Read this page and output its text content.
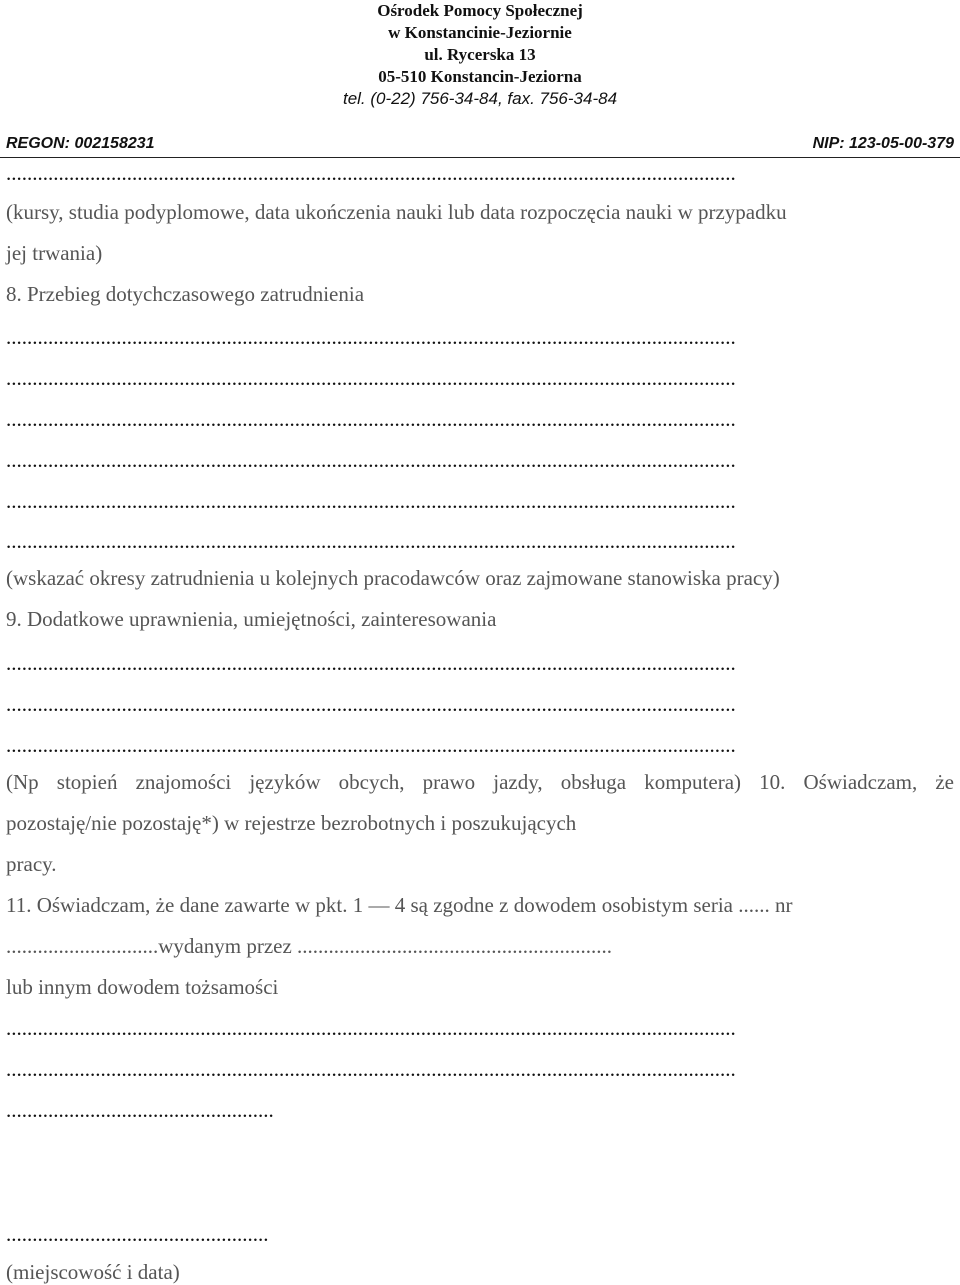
Ośrodek Pomocy Społecznej
w Konstancinie-Jeziornie
ul. Rycerska 13
05-510 Konstancin-Jeziorna
tel. (0-22) 756-34-84, fax. 756-34-84
REGON: 002158231	NIP: 123-05-00-379
...........................................................................................................................................
(kursy, studia podyplomowe, data ukończenia nauki lub data rozpoczęcia nauki w przypadku
jej trwania)
8. Przebieg dotychczasowego zatrudnienia
...........................................................................................................................................
...........................................................................................................................................
...........................................................................................................................................
...........................................................................................................................................
...........................................................................................................................................
...........................................................................................................................................
(wskazać okresy zatrudnienia u kolejnych pracodawców oraz zajmowane stanowiska pracy)
9. Dodatkowe uprawnienia, umiejętności, zainteresowania
...........................................................................................................................................
...........................................................................................................................................
...........................................................................................................................................
(Np stopień znajomości języków obcych, prawo jazdy, obsługa komputera) 10. Oświadczam, że
pozostaję/nie pozostaję*) w rejestrze bezrobotnych i poszukujących
pracy.
11. Oświadczam, że dane zawarte w pkt. 1 — 4 są zgodne z dowodem osobistym seria ...... nr
.............................wydanym przez ............................................................
lub innym dowodem tożsamości
...........................................................................................................................................
...........................................................................................................................................
...................................................
..................................................
(miejscowość i data)
